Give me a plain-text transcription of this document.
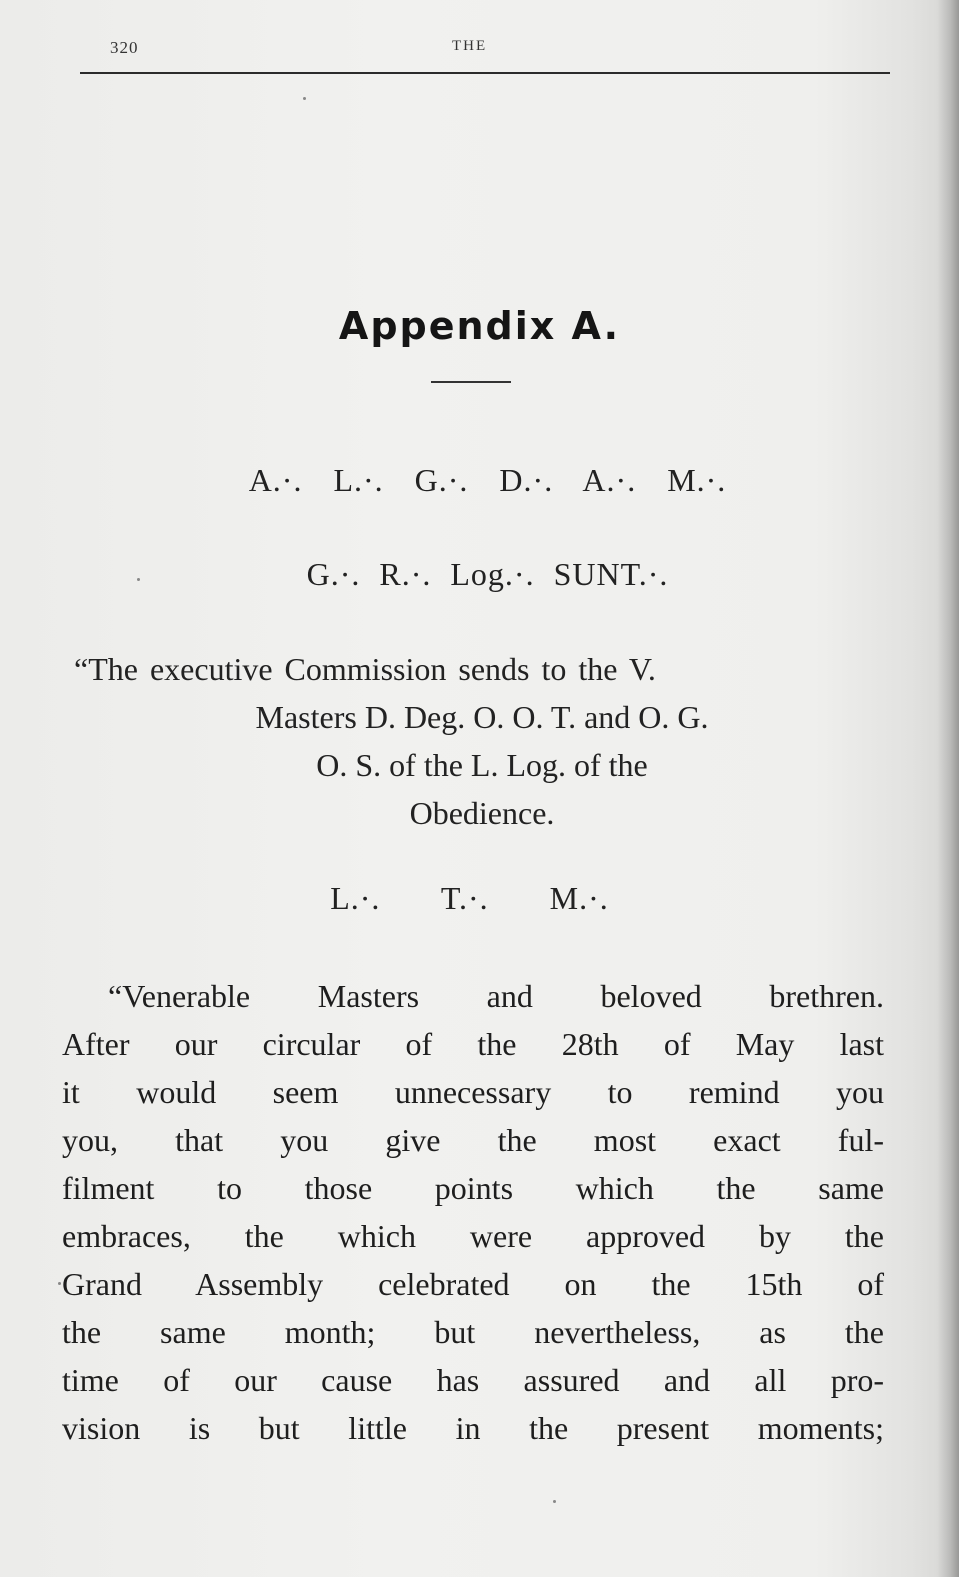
320	THE
Appendix A.
A.·. L.·. G.·. D.·. A.·. M.·.
G.·. R.·. Log.·. SUNT.·.
“The executive Commission sends to the V.
Masters D. Deg. O. O. T. and O. G.
O. S. of the L. Log. of the
Obedience.
L.·. T.·. M.·.
“Venerable Masters and beloved brethren.
After our circular of the 28th of May last
it would seem unnecessary to remind you
you, that you give the most exact ful-
filment to those points which the same
embraces, the which were approved by the
Grand Assembly celebrated on the 15th of
the same month; but nevertheless, as the
time of our cause has assured and all pro-
vision is but little in the present moments;
